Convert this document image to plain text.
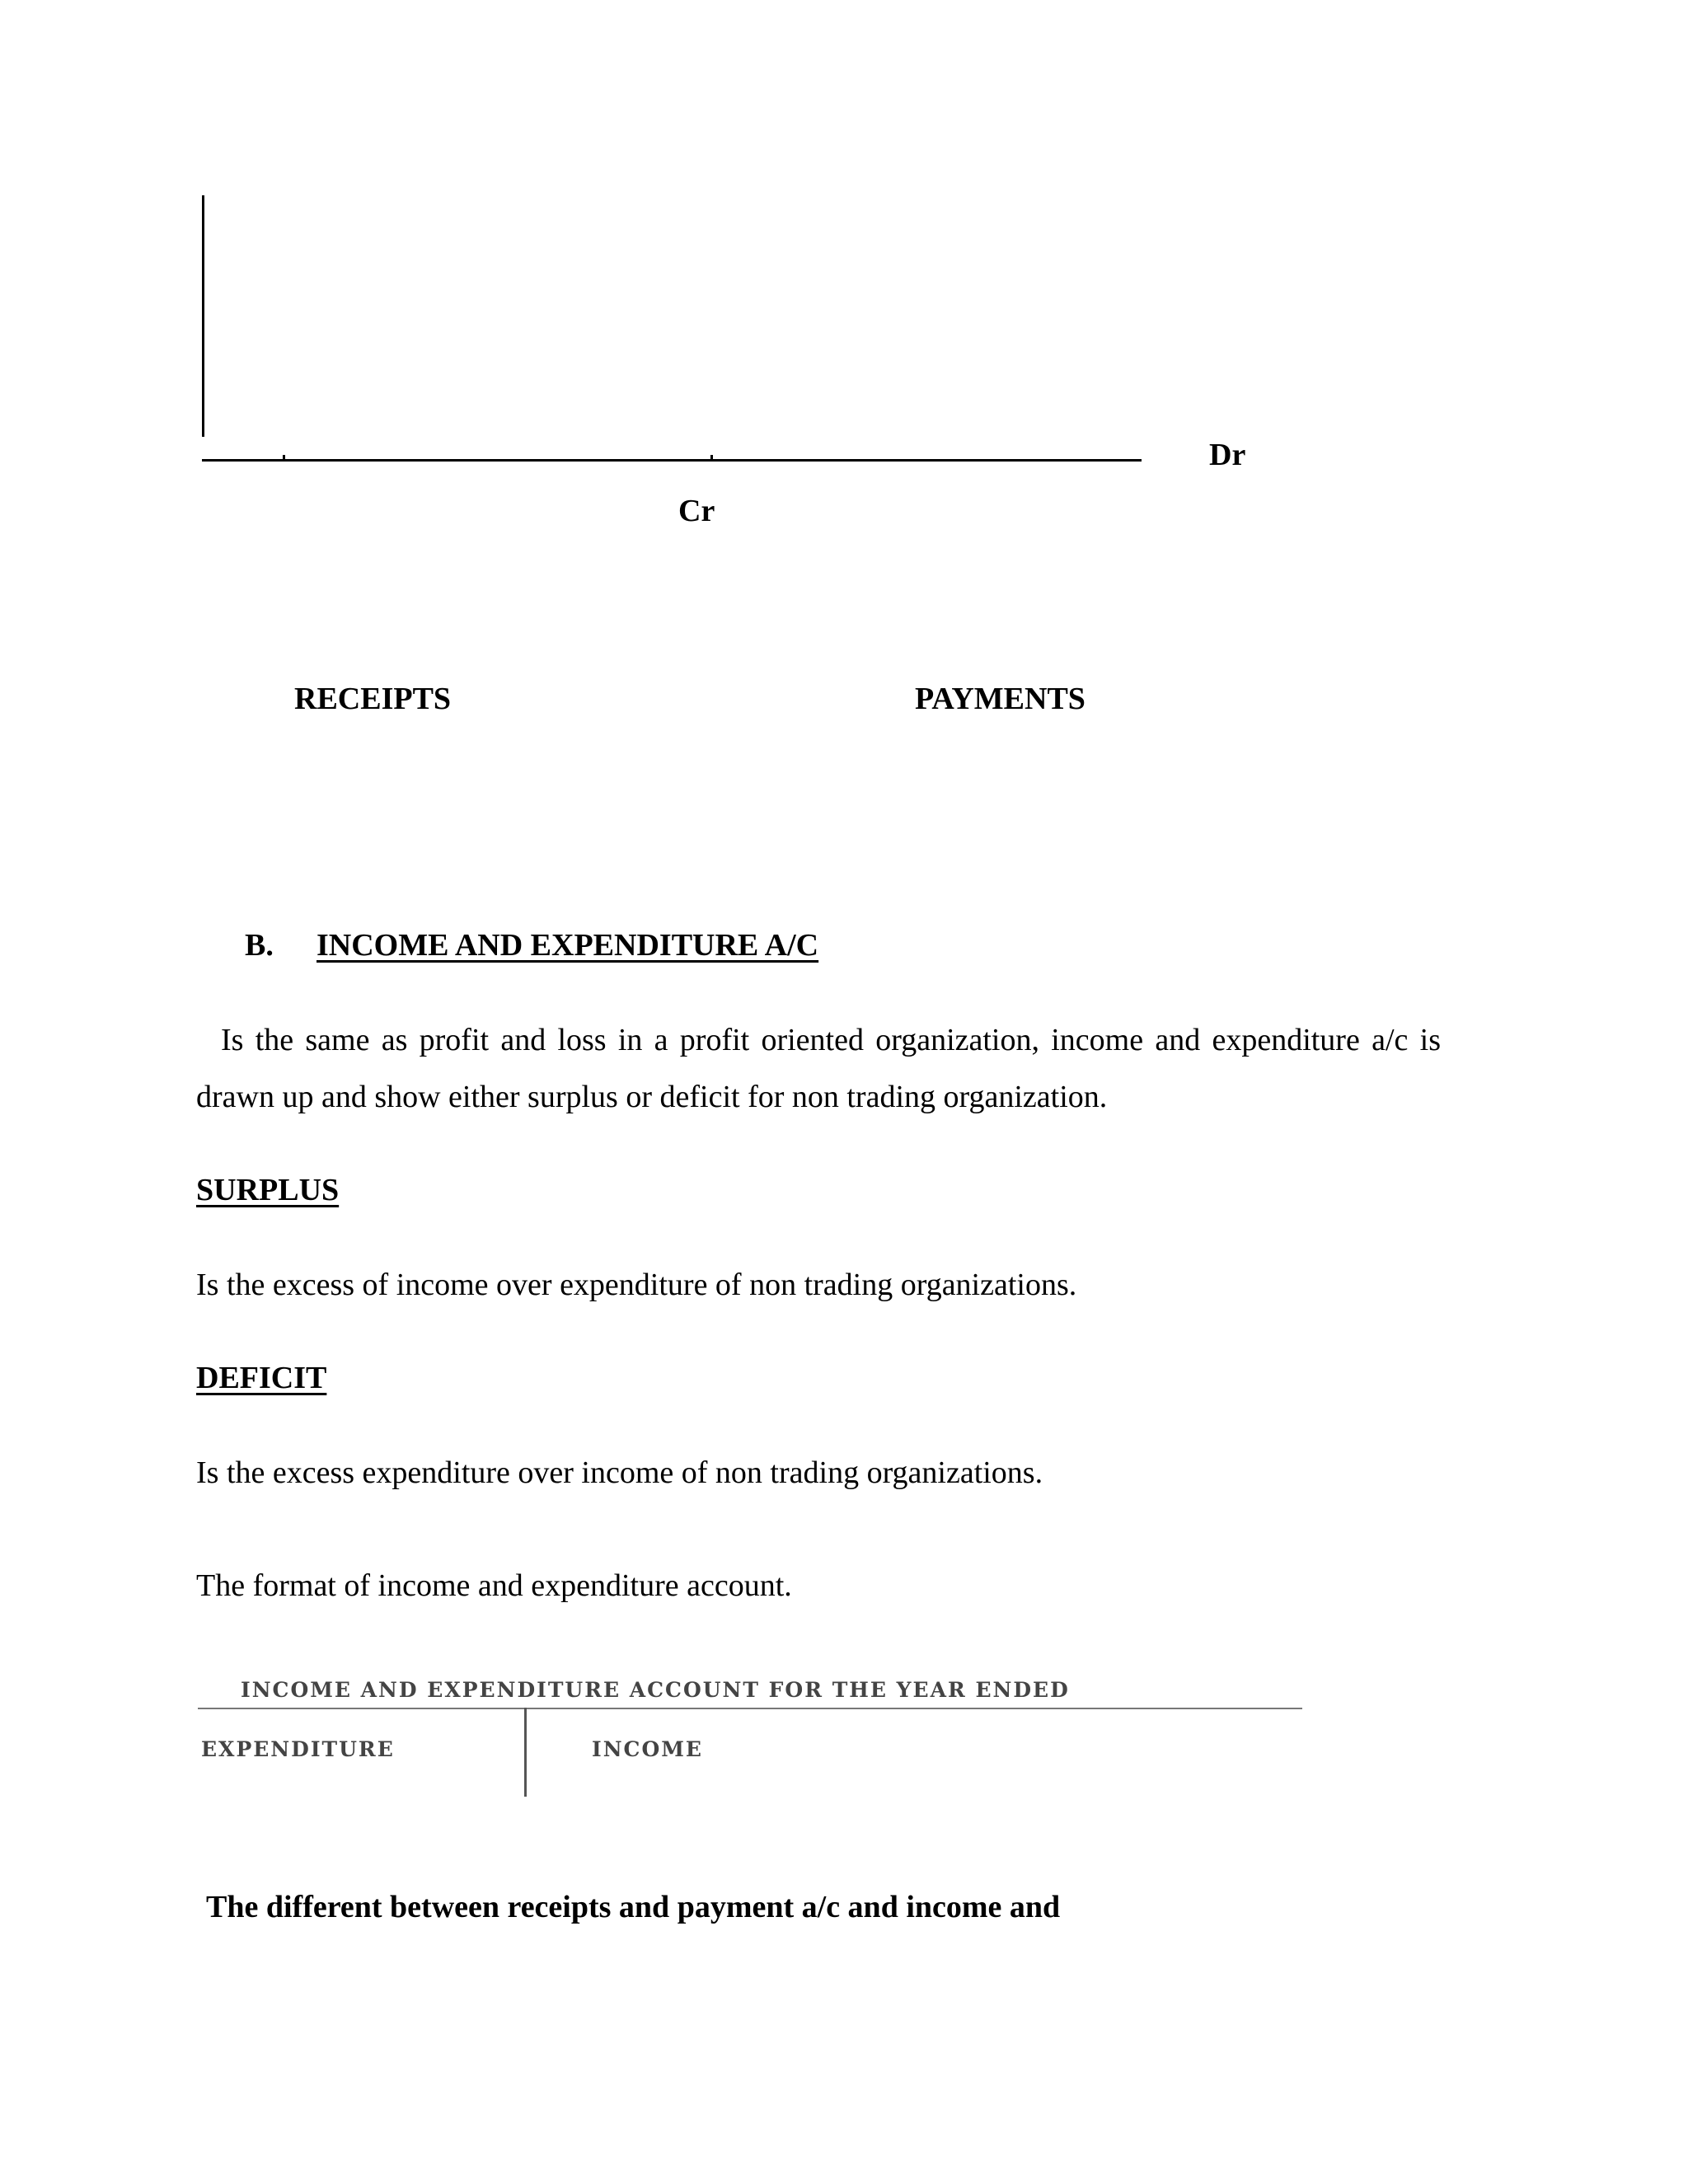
Dr
Cr
RECEIPTS	PAYMENTS
B. INCOME AND EXPENDITURE A/C
Is the same as profit and loss in a profit oriented organization, income and expenditure a/c is
drawn up and show either surplus or deficit for non trading organization.
SURPLUS
Is the excess of income over expenditure of non trading organizations.
DEFICIT
Is the excess expenditure over income of non trading organizations.
The format of income and expenditure account.
INCOME AND EXPENDITURE ACCOUNT FOR THE YEAR ENDED
EXPENDITURE	INCOME
The different between receipts and payment a/c and income and
